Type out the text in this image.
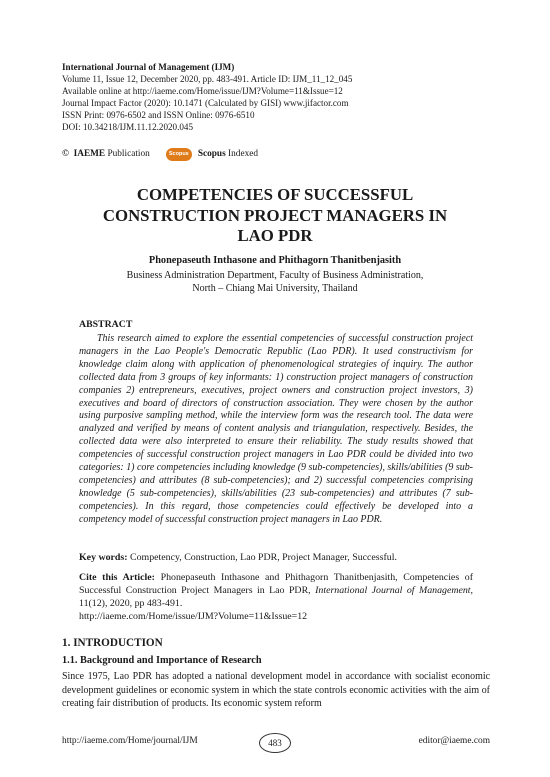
International Journal of Management (IJM)
Volume 11, Issue 12, December 2020, pp. 483-491. Article ID: IJM_11_12_045
Available online at http://iaeme.com/Home/issue/IJM?Volume=11&Issue=12
Journal Impact Factor (2020): 10.1471 (Calculated by GISI) www.jifactor.com
ISSN Print: 0976-6502 and ISSN Online: 0976-6510
DOI: 10.34218/IJM.11.12.2020.045
©
IAEME
Publication	Scopus Scopus
Indexed
COMPETENCIES OF SUCCESSFUL
CONSTRUCTION PROJECT MANAGERS IN
LAO PDR
Phonepaseuth Inthasone and Phithagorn Thanitbenjasith
Business Administration Department, Faculty of Business Administration,
North – Chiang Mai University, Thailand
ABSTRACT
This research aimed to explore the essential competencies of successful construction project managers in the Lao People's Democratic Republic (Lao PDR). It used constructivism for knowledge claim along with application of phenomenological strategies of inquiry. The author collected data from 3 groups of key informants: 1) construction project managers of construction companies 2) entrepreneurs, executives, project owners and construction project investors, 3) executives and board of directors of construction association. They were chosen by the author using purposive sampling method, while the interview form was the research tool. The data were analyzed and verified by means of content analysis and triangulation, respectively. Besides, the collected data were also interpreted to ensure their reliability. The study results showed that competencies of successful construction project managers in Lao PDR could be divided into two categories: 1) core competencies including knowledge (9 sub-competencies), skills/abilities (9 sub-competencies) and attributes (8 sub-competencies); and 2) successful competencies comprising knowledge (5 sub-competencies), skills/abilities (23 sub-competencies) and attributes (7 sub-competencies). In this regard, those competencies could effectively be developed into a competency model of successful construction project managers in Lao PDR.
Key words: Competency, Construction, Lao PDR, Project Manager, Successful.
Cite this Article: Phonepaseuth Inthasone and Phithagorn Thanitbenjasith, Competencies of Successful Construction Project Managers in Lao PDR, International Journal of Management, 11(12), 2020, pp 483-491.
http://iaeme.com/Home/issue/IJM?Volume=11&Issue=12
1. INTRODUCTION
1.1. Background and Importance of Research
Since 1975, Lao PDR has adopted a national development model in accordance with socialist economic development guidelines or economic system in which the state controls economic activities with the aim of creating fair distribution of products. Its economic system reform
http://iaeme.com/Home/journal/IJM	483	editor@iaeme.com
